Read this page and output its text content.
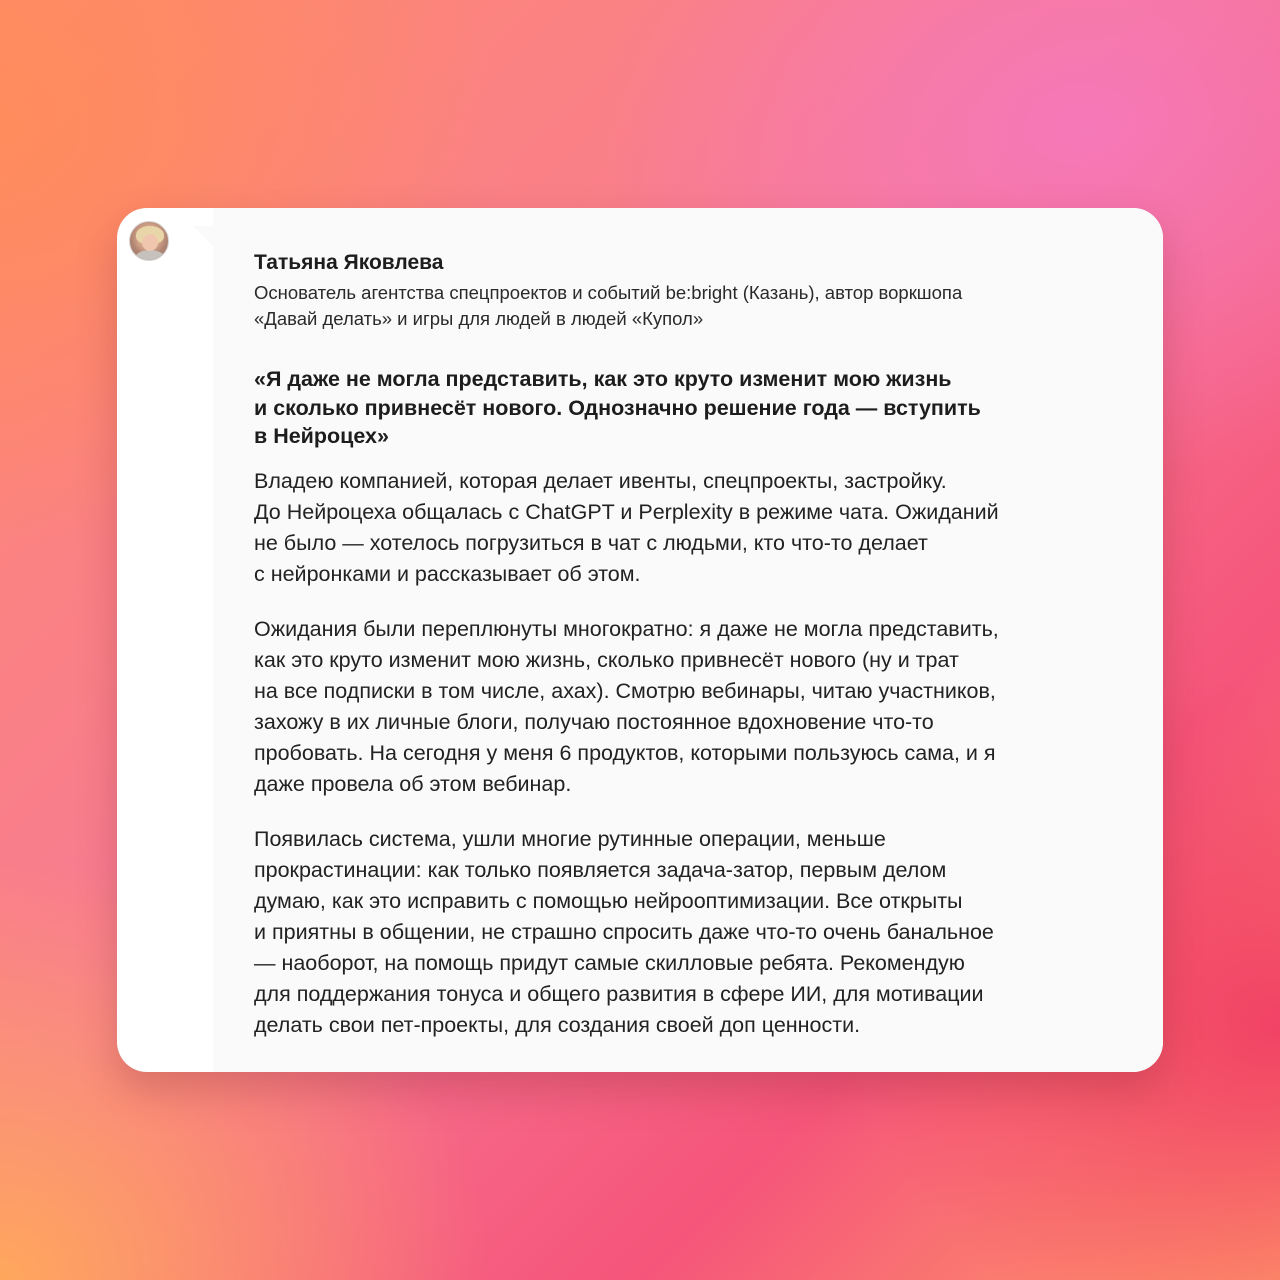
Татьяна Яковлева

Основатель агентства спецпроектов и событий be:bright (Казань), автор воркшопа
«Давай делать» и игры для людей в людей «Купол»

«Я даже не могла представить, как это круто изменит мою жизнь
и сколько привнесёт нового. Однозначно решение года — вступить
в Нейроцех»

Владею компанией, которая делает ивенты, спецпроекты, застройку.
До Нейроцеха общалась с ChatGPT и Perplexity в режиме чата. Ожиданий
не было — хотелось погрузиться в чат с людьми, кто что-то делает
с нейронками и рассказывает об этом.

Ожидания были переплюнуты многократно: я даже не могла представить,
как это круто изменит мою жизнь, сколько привнесёт нового (ну и трат
на все подписки в том числе, ахах). Смотрю вебинары, читаю участников,
захожу в их личные блоги, получаю постоянное вдохновение что-то
пробовать. На сегодня у меня 6 продуктов, которыми пользуюсь сама, и я
даже провела об этом вебинар.

Появилась система, ушли многие рутинные операции, меньше
прокрастинации: как только появляется задача-затор, первым делом
думаю, как это исправить с помощью нейрооптимизации. Все открыты
и приятны в общении, не страшно спросить даже что-то очень банальное
— наоборот, на помощь придут самые скилловые ребята. Рекомендую
для поддержания тонуса и общего развития в сфере ИИ, для мотивации
делать свои пет-проекты, для создания своей доп ценности.
